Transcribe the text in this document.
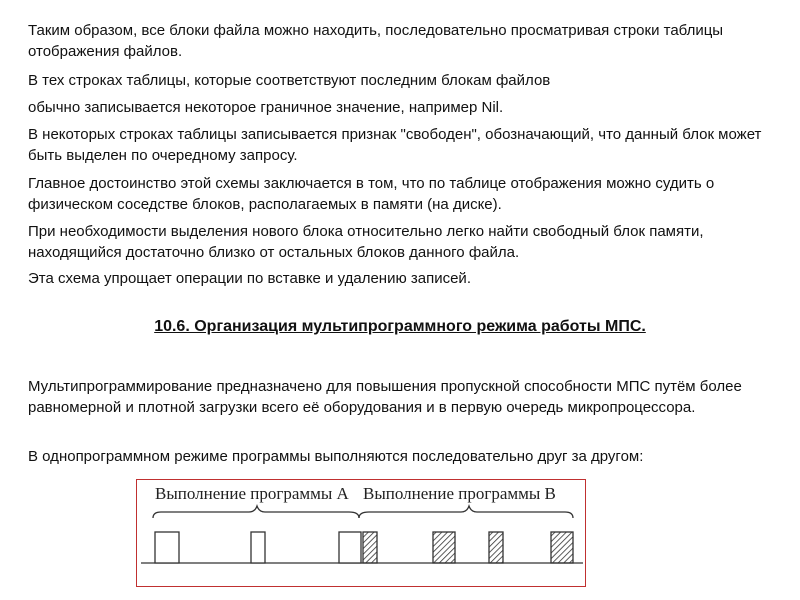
Таким образом, все блоки файла можно находить, последовательно просматривая строки таблицы отображения файлов.

В тех строках таблицы, которые соответствуют последним блокам файлов

обычно записывается некоторое граничное значение, например Nil.

В некоторых строках таблицы записывается признак "свободен", обозначающий, что данный блок может быть выделен по очередному запросу.

Главное достоинство этой схемы заключается в том, что по таблице отображения можно судить о физическом соседстве блоков, располагаемых в памяти (на диске).

При необходимости выделения нового блока относительно легко найти свободный блок памяти, находящийся достаточно близко от остальных блоков данного файла.

Эта схема упрощает операции по вставке и удалению записей.

10.6. Организация мультипрограммного режима работы МПС.

Мультипрограммирование предназначено для повышения пропускной способности МПС путём более равномерной и плотной загрузки всего её оборудования и в первую очередь микропроцессора.

В однопрограммном режиме программы выполняются последовательно друг за другом:

Выполнение программы А Выполнение программы В
